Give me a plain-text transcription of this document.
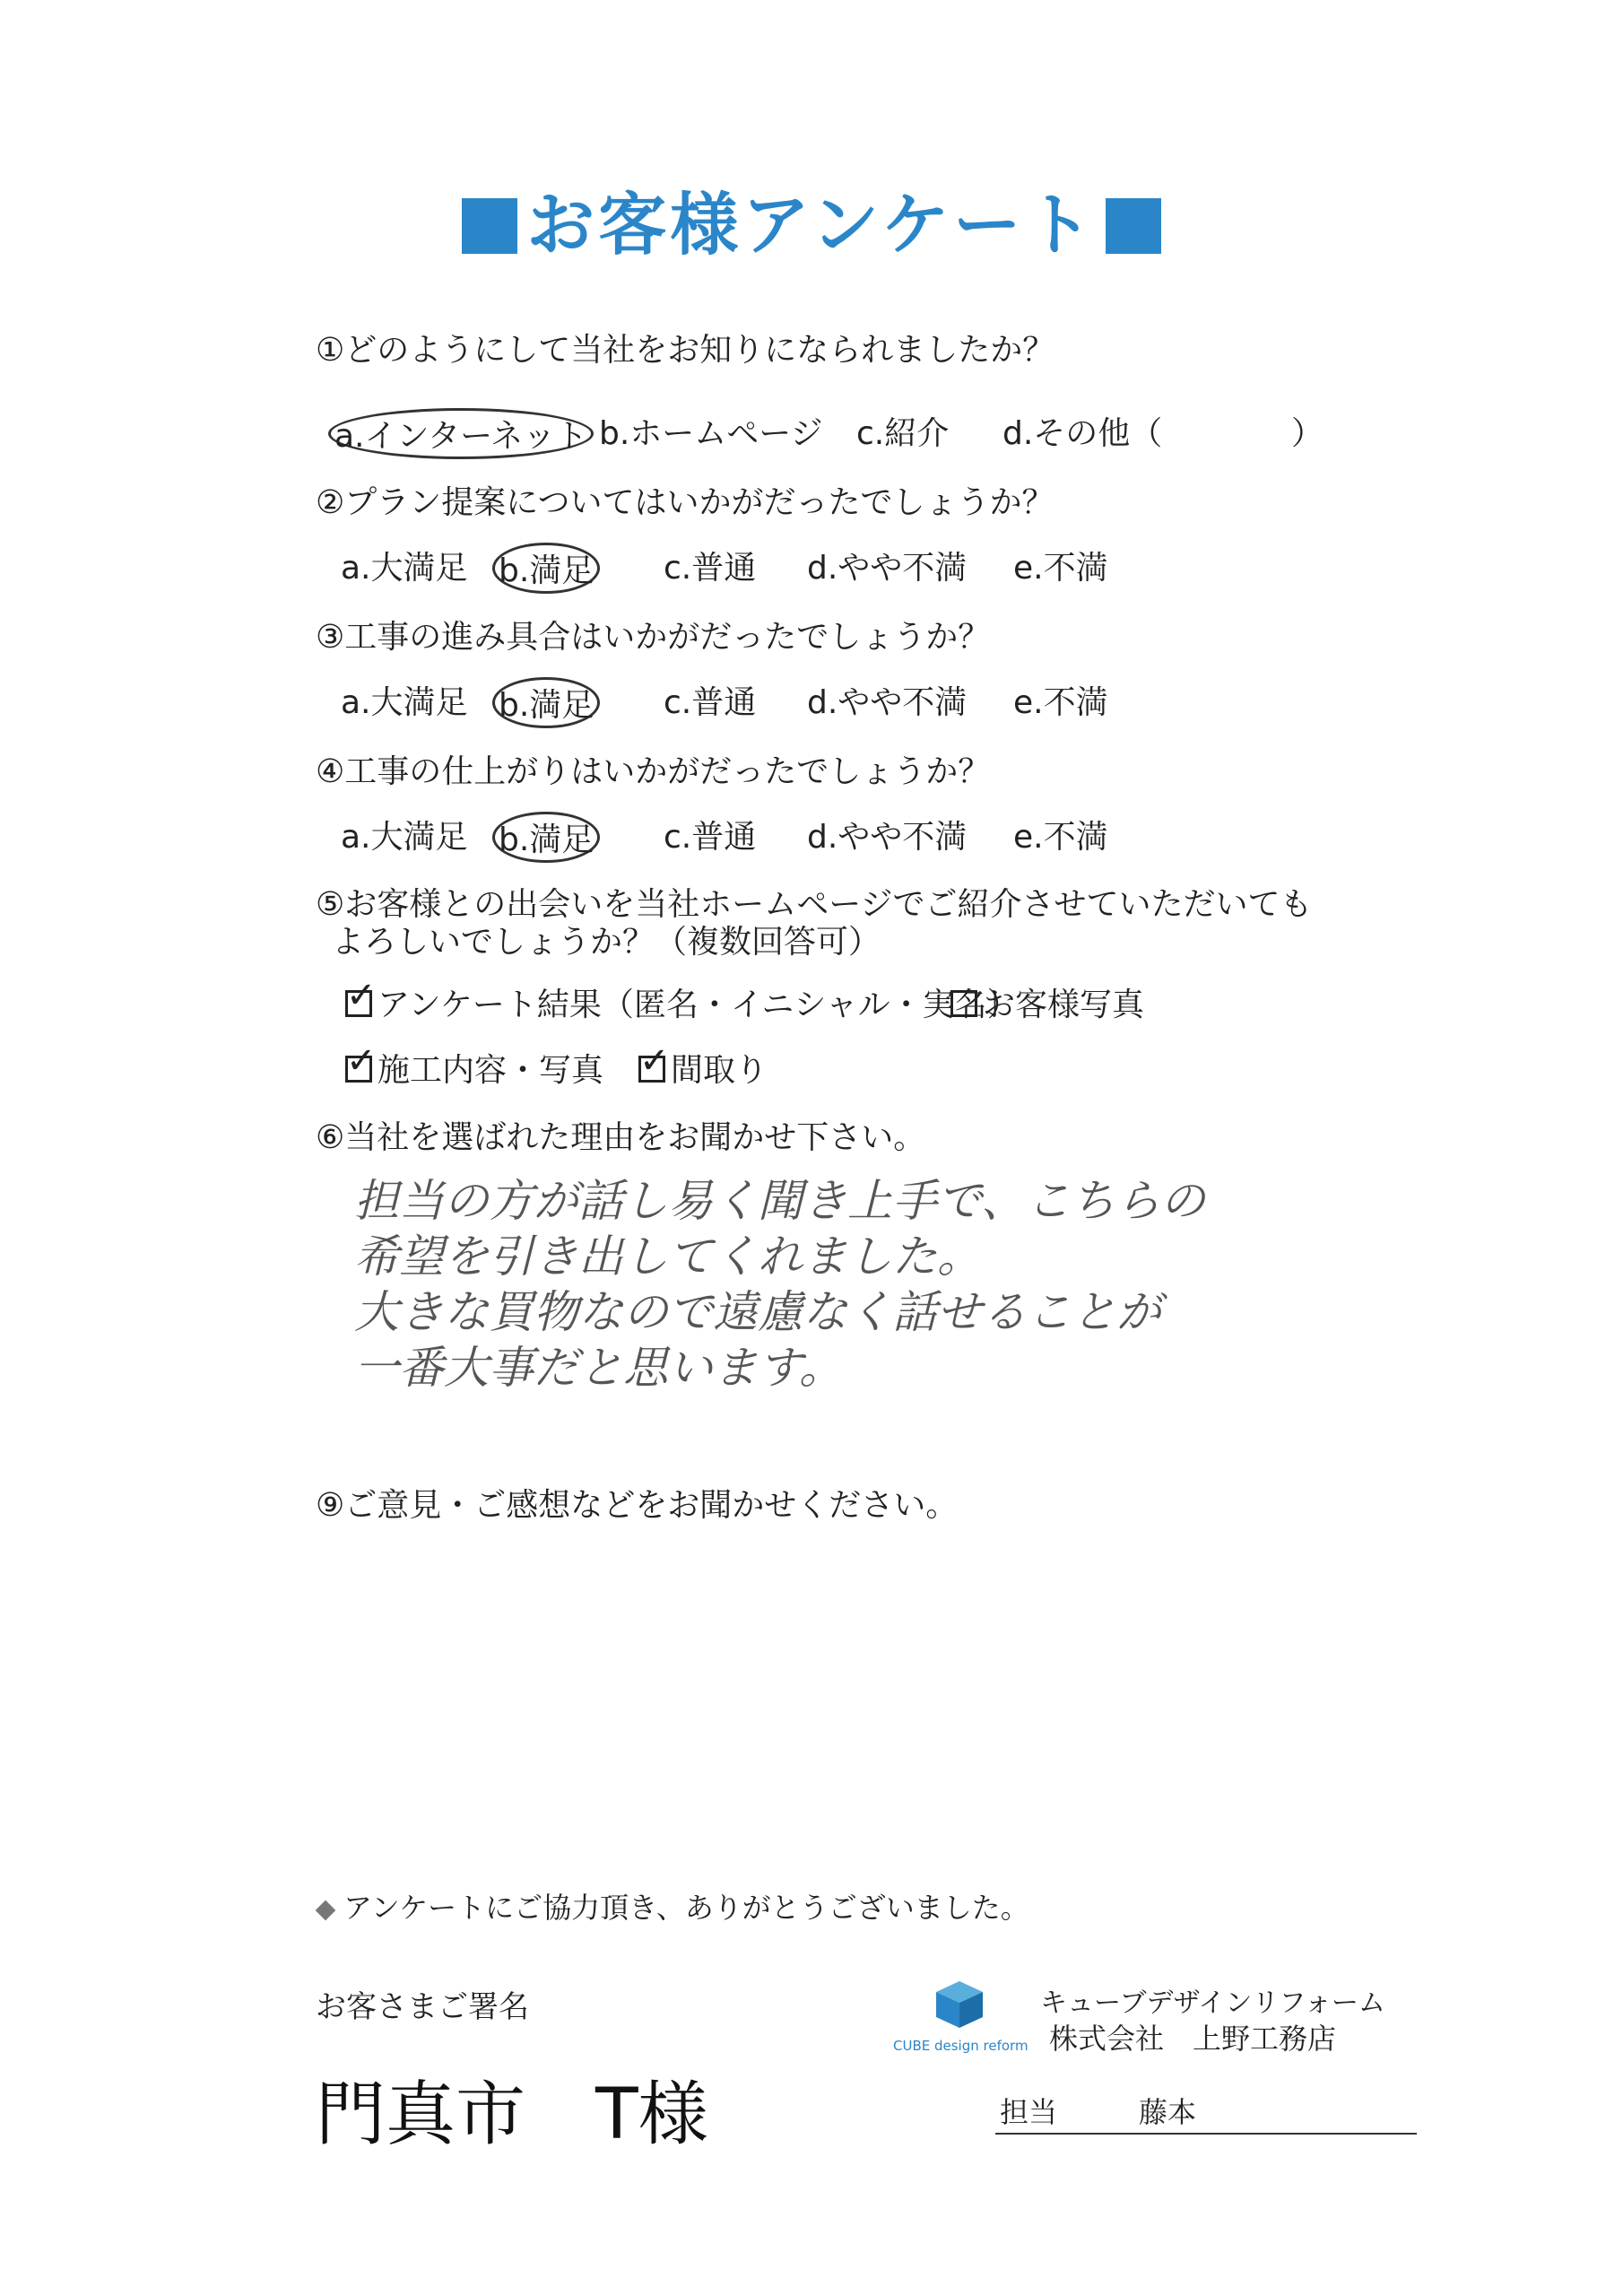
お客様アンケート
①どのようにして当社をお知りになられましたか？
a.インターネット b.ホームページ c.紹介 d.その他（	）
②プラン提案についてはいかがだったでしょうか？
a.大満足 b.満足 c.普通 d.やや不満 e.不満
③工事の進み具合はいかがだったでしょうか？
a.大満足 b.満足 c.普通 d.やや不満 e.不満
④工事の仕上がりはいかがだったでしょうか？
a.大満足 b.満足 c.普通 d.やや不満 e.不満
⑤お客様との出会いを当社ホームページでご紹介させていただいても
よろしいでしょうか？（複数回答可）
✓アンケート結果（匿名・イニシャル・実名）
お客様写真
✓施工内容・写真
✓	間取り
⑥当社を選ばれた理由をお聞かせ下さい。
担当の方が話し易く聞き上手で、こちらの
希望を引き出してくれました。
大きな買物なので遠慮なく話せることが
一番大事だと思います。
⑨ご意見・ご感想などをお聞かせください。
アンケートにご協力頂き、ありがとうございました。
お客さまご署名
門真市　T様
CUBE design reform
キューブデザインリフォーム
株式会社　上野工務店
担当	藤本
